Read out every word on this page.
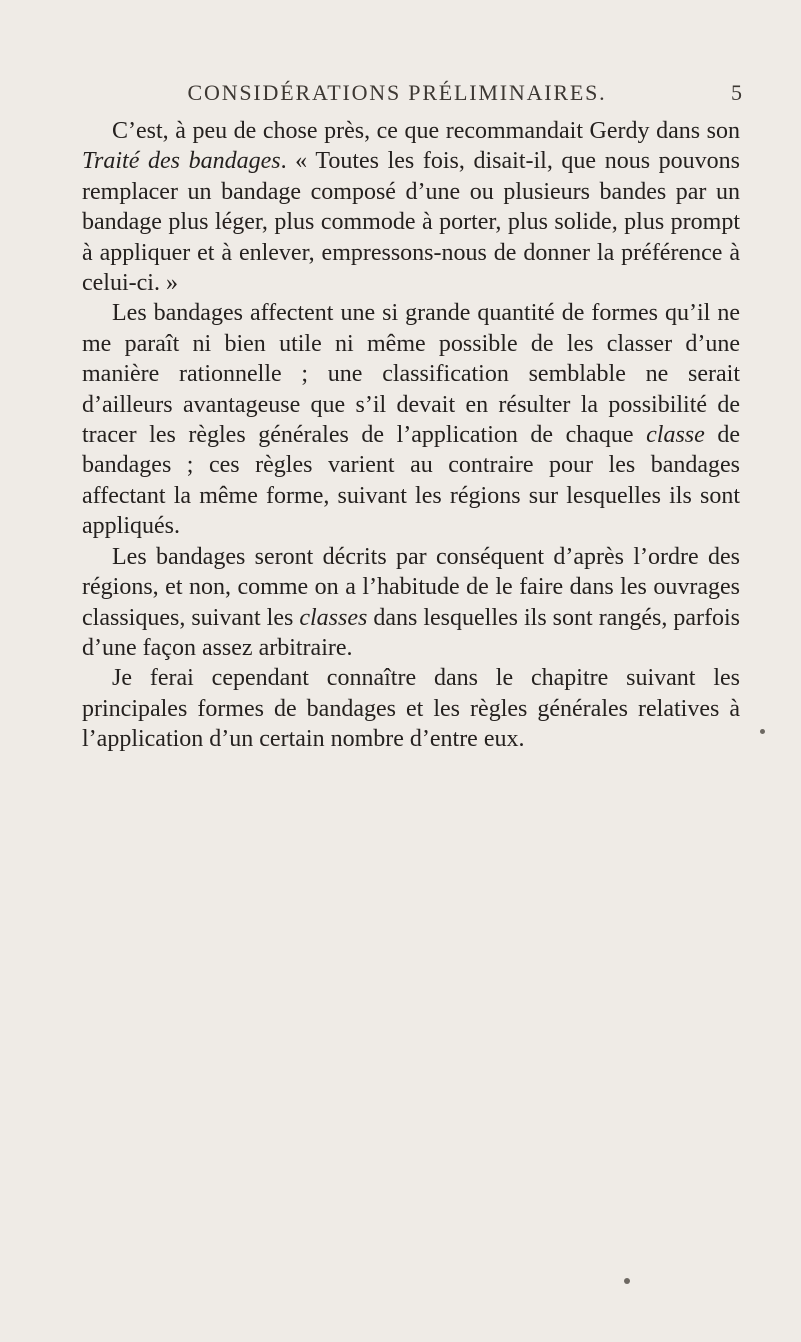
CONSIDÉRATIONS PRÉLIMINAIRES.	5

C’est, à peu de chose près, ce que recommandait Gerdy dans son Traité des bandages. « Toutes les fois, disait-il, que nous pouvons remplacer un bandage composé d’une ou plusieurs bandes par un bandage plus léger, plus commode à porter, plus solide, plus prompt à appliquer et à enlever, empressons-nous de donner la préférence à celui-ci. »

Les bandages affectent une si grande quantité de formes qu’il ne me paraît ni bien utile ni même possible de les classer d’une manière rationnelle ; une classification semblable ne serait d’ailleurs avantageuse que s’il devait en résulter la possibilité de tracer les règles générales de l’application de chaque classe de bandages ; ces règles varient au contraire pour les bandages affectant la même forme, suivant les régions sur lesquelles ils sont appliqués.

Les bandages seront décrits par conséquent d’après l’ordre des régions, et non, comme on a l’habitude de le faire dans les ouvrages classiques, suivant les classes dans lesquelles ils sont rangés, parfois d’une façon assez arbitraire.

Je ferai cependant connaître dans le chapitre suivant les principales formes de bandages et les règles générales relatives à l’application d’un certain nombre d’entre eux.
